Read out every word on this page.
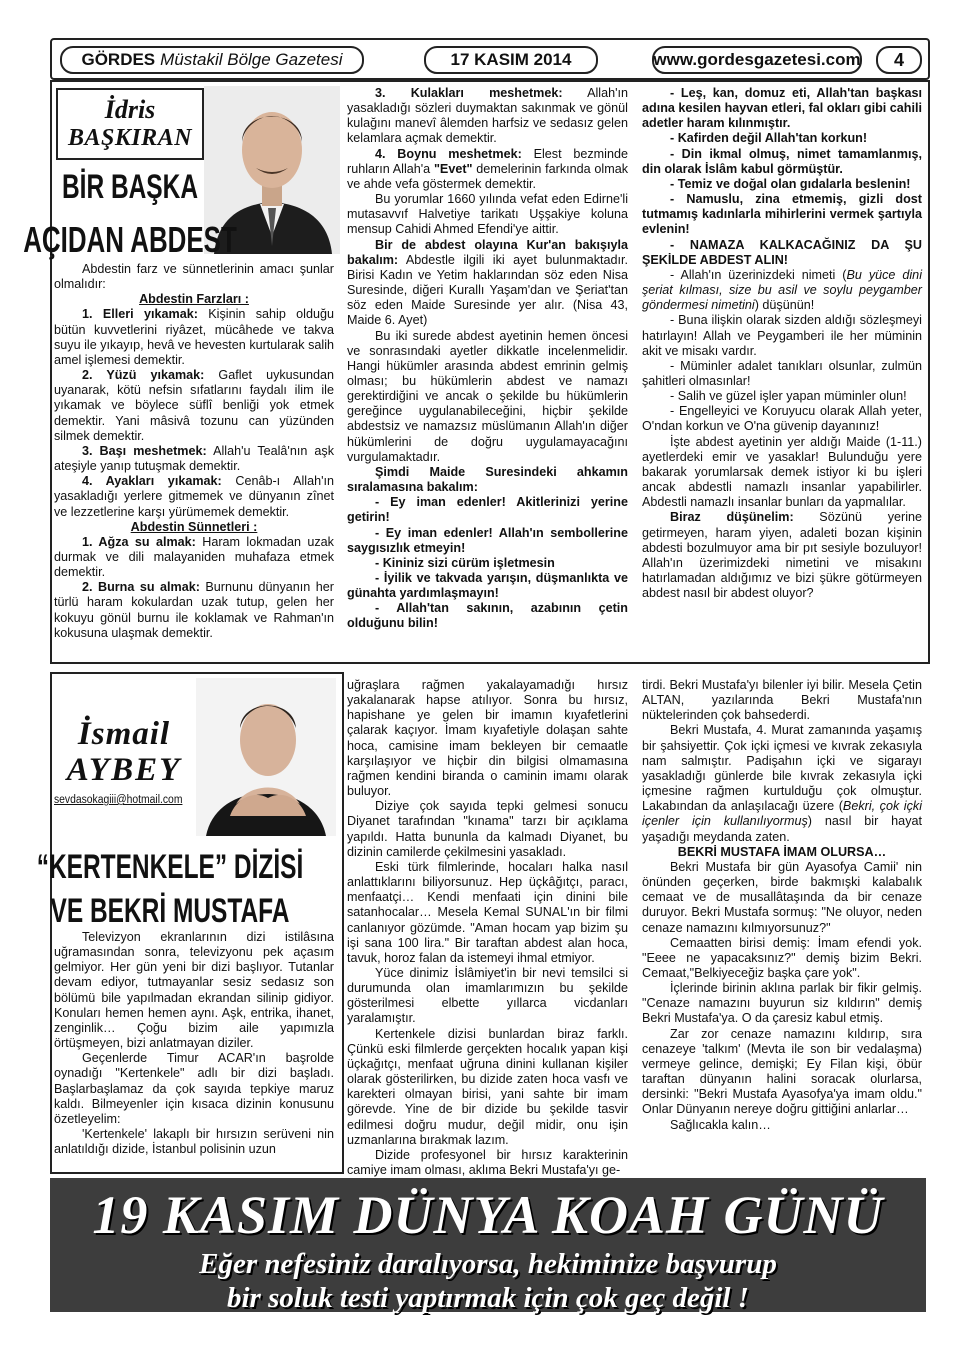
GÖRDES Müstakil Bölge Gazetesi	17 KASIM 2014	www.gordesgazetesi.com	4
İdris
BAŞKIRAN
BİR BAŞKA
AÇIDAN ABDEST

Abdestin farz ve sünnetlerinin amacı şunlar olmalıdır:

Abdestin Farzları :

1. Elleri yıkamak: Kişinin sahip olduğu bütün kuvvetlerini riyâzet, mücâhede ve takva suyu ile yıkayıp, hevâ ve hevesten kurtularak salih amel işlemesi demektir.

2. Yüzü yıkamak: Gaflet uykusundan uyanarak, kötü nefsin sıfatlarını faydalı ilim ile yıkamak ve böylece süflî benliği yok etmek demektir. Yani mâsivâ tozunu can yüzünden silmek demektir.

3. Başı meshetmek: Allah'u Tealâ'nın aşk ateşiyle yanıp tutuşmak demektir.

4. Ayakları yıkamak: Cenâb-ı Allah'ın yasakladığı yerlere gitmemek ve dünyanın zînet ve lezzetlerine karşı yürümemek demektir.

Abdestin Sünnetleri :

1. Ağza su almak: Haram lokmadan uzak durmak ve dili malayaniden muhafaza etmek demektir.

2. Burna su almak: Burnunu dünyanın her türlü haram kokulardan uzak tutup, gelen her kokuyu gönül burnu ile koklamak ve Rahman'ın kokusuna ulaşmak demektir.

3. Kulakları meshetmek: Allah'ın yasakladığı sözleri duymaktan sakınmak ve gönül kulağını manevî âlemden harfsiz ve sedasız gelen kelamlara açmak demektir.

4. Boynu meshetmek: Elest bezminde ruhların Allah'a "Evet" demelerinin farkında olmak ve ahde vefa göstermek demektir.

Bu yorumlar 1660 yılında vefat eden Edirne'li mutasavvıf Halvetiye tarikatı Uşşakiye koluna mensup Cahidi Ahmed Efendi'ye aittir.

Bir de abdest olayına Kur'an bakışıyla bakalım: Abdestle ilgili iki ayet bulunmaktadır. Birisi Kadın ve Yetim haklarından söz eden Nisa Suresinde, diğeri Kurallı Yaşam'dan ve Şeriat'tan söz eden Maide Suresinde yer alır. (Nisa 43, Maide 6. Ayet)

Bu iki surede abdest ayetinin hemen öncesi ve sonrasındaki ayetler dikkatle incelenmelidir. Hangi hükümler arasında abdest emrinin gelmiş olması; bu hükümlerin abdest ve namazı gerektirdiğini ve ancak o şekilde bu hükümlerin gereğince uygulanabileceğini, hiçbir şekilde abdestsiz ve namazsız müslümanın Allah'ın diğer hükümlerini de doğru uygulamayacağını vurgulamaktadır.

Şimdi Maide Suresindeki ahkamın sıralamasına bakalım:

- Ey iman edenler! Akitlerinizi yerine getirin!

- Ey iman edenler! Allah'ın sembollerine saygısızlık etmeyin!

- Kininiz sizi cürüm işletmesin

- İyilik ve takvada yarışın, düşmanlıkta ve günahta yardımlaşmayın!

- Allah'tan sakının, azabının çetin olduğunu bilin!

- Leş, kan, domuz eti, Allah'tan başkası adına kesilen hayvan etleri, fal okları gibi cahili adetler haram kılınmıştır.

- Kafirden değil Allah'tan korkun!

- Din ikmal olmuş, nimet tamamlanmış, din olarak İslâm kabul görmüştür.

- Temiz ve doğal olan gıdalarla beslenin!

- Namuslu, zina etmemiş, gizli dost tutmamış kadınlarla mihirlerini vermek şartıyla evlenin!

- NAMAZA KALKACAĞINIZ DA ŞU ŞEKİLDE ABDEST ALIN!

- Allah'ın üzerinizdeki nimeti (Bu yüce dini şeriat kılması, size bu asil ve soylu peygamber göndermesi nimetini) düşünün!

- Buna ilişkin olarak sizden aldığı sözleşmeyi hatırlayın! Allah ve Peygamberi ile her müminin akit ve misakı vardır.

- Müminler adalet tanıkları olsunlar, zulmün şahitleri olmasınlar!

- Salih ve güzel işler yapan müminler olun!

- Engelleyici ve Koruyucu olarak Allah yeter, O'ndan korkun ve O'na güvenip dayanınız!

İşte abdest ayetinin yer aldığı Maide (1-11.) ayetlerdeki emir ve yasaklar! Bulunduğu yere bakarak yorumlarsak demek istiyor ki bu işleri ancak abdestli namazlı insanlar yapabilirler. Abdestli namazlı insanlar bunları da yapmalılar.

Biraz düşünelim: Sözünü yerine getirmeyen, haram yiyen, adaleti bozan kişinin abdesti bozulmuyor ama bir pıt sesiyle bozuluyor! Allah'ın üzerimizdeki nimetini ve misakını hatırlamadan aldığımız ve bizi şükre götürmeyen abdest nasıl bir abdest oluyor?

İsmail
AYBEY
sevdasokagiii@hotmail.com
“KERTENKELE” DİZİSİ
VE BEKRİ MUSTAFA

Televizyon ekranlarının dizi istilâsına uğramasından sonra, televizyonu pek açasım gelmiyor. Her gün yeni bir dizi başlıyor. Tutanlar devam ediyor, tutmayanlar sesiz sedasız son bölümü bile yapılmadan ekrandan silinip gidiyor. Konuları hemen hemen aynı. Aşk, entrika, ihanet, zenginlik… Çoğu bizim aile yapımızla örtüşmeyen, bizi anlatmayan diziler.

Geçenlerde Timur ACAR'ın başrolde oynadığı "Kertenkele" adlı bir dizi başladı. Başlarbaşlamaz da çok sayıda tepkiye maruz kaldı. Bilmeyenler için kısaca dizinin konusunu özetleyelim:

'Kertenkele' lakaplı bir hırsızın serüveni nin anlatıldığı dizide, İstanbul polisinin uzun

uğraşlara rağmen yakalayamadığı hırsız yakalanarak hapse atılıyor. Sonra bu hırsız, hapishane ye gelen bir imamın kıyafetlerini çalarak kaçıyor. İmam kıyafetiyle dolaşan sahte hoca, camisine imam bekleyen bir cemaatle karşılaşıyor ve hiçbir din bilgisi olmamasına rağmen kendini biranda o caminin imamı olarak buluyor.

Diziye çok sayıda tepki gelmesi sonucu Diyanet tarafından "kınama" tarzı bir açıklama yapıldı. Hatta bununla da kalmadı Diyanet, bu dizinin camilerde çekilmesini yasakladı.

Eski türk filmlerinde, hocaları halka nasıl anlattıklarını biliyorsunuz. Hep üçkâğıtçı, paracı, menfaatçi… Kendi menfaati için dinini bile satanhocalar… Mesela Kemal SUNAL'ın bir filmi canlanıyor gözümde. "Aman hocam yap bizim şu işi sana 100 lira." Bir taraftan abdest alan hoca, tavuk, horoz falan da istemeyi ihmal etmiyor.

Yüce dinimiz İslâmiyet'in bir nevi temsilci si durumunda olan imamlarımızın bu şekilde gösterilmesi elbette yıllarca vicdanları yaralamıştır.

Kertenkele dizisi bunlardan biraz farklı. Çünkü eski filmlerde gerçekten hocalık yapan kişi üçkağıtçı, menfaat uğruna dinini kullanan kişiler olarak gösterilirken, bu dizide zaten hoca vasfı ve karekteri olmayan birisi, yani sahte bir imam görevde. Yine de bir dizide bu şekilde tasvir edilmesi doğru mudur, değil midir, onu işin uzmanlarına bırakmak lazım.

Dizide profesyonel bir hırsız karakterinin camiye imam olması, aklıma Bekri Mustafa'yı ge-

tirdi. Bekri Mustafa'yı bilenler iyi bilir. Mesela Çetin ALTAN, yazılarında Bekri Mustafa'nın nüktelerinden çok bahsederdi.

Bekri Mustafa, 4. Murat zamanında yaşamış bir şahsiyettir. Çok içki içmesi ve kıvrak zekasıyla nam salmıştır. Padişahın içki ve sigarayı yasakladığı günlerde bile kıvrak zekasıyla içki içmesine rağmen kurtulduğu çok olmuştur. Lakabından da anlaşılacağı üzere (Bekri, çok içki içenler için kullanılıyormuş) nasıl bir hayat yaşadığı meydanda zaten.

BEKRİ MUSTAFA İMAM OLURSA…

Bekri Mustafa bir gün Ayasofya Camii' nin önünden geçerken, birde bakmışki kalabalık cemaat ve de musallâtaşında da bir cenaze duruyor. Bekri Mustafa sormuş: "Ne oluyor, neden cenaze namazını kılmıyorsunuz?"

Cemaatten birisi demiş: İmam efendi yok. "Eeee ne yapacaksınız?" demiş bizim Bekri. Cemaat,"Belkiyeceğiz başka çare yok".

İçlerinde birinin aklına parlak bir fikir gelmiş. "Cenaze namazını buyurun siz kıldırın" demiş Bekri Mustafa'ya. O da çaresiz kabul etmiş.

Zar zor cenaze namazını kıldırıp, sıra cenazeye 'talkım' (Mevta ile son bir vedalaşma) vermeye gelince, demişki; Ey Filan kişi, öbür taraftan dünyanın halini soracak olurlarsa, dersinki: "Bekri Mustafa Ayasofya'ya imam oldu." Onlar Dünyanın nereye doğru gittiğini anlarlar…

Sağlıcakla kalın…

19 KASIM DÜNYA KOAH GÜNÜ
Eğer nefesiniz daralıyorsa, hekiminize başvurup
bir soluk testi yaptırmak için çok geç değil !
